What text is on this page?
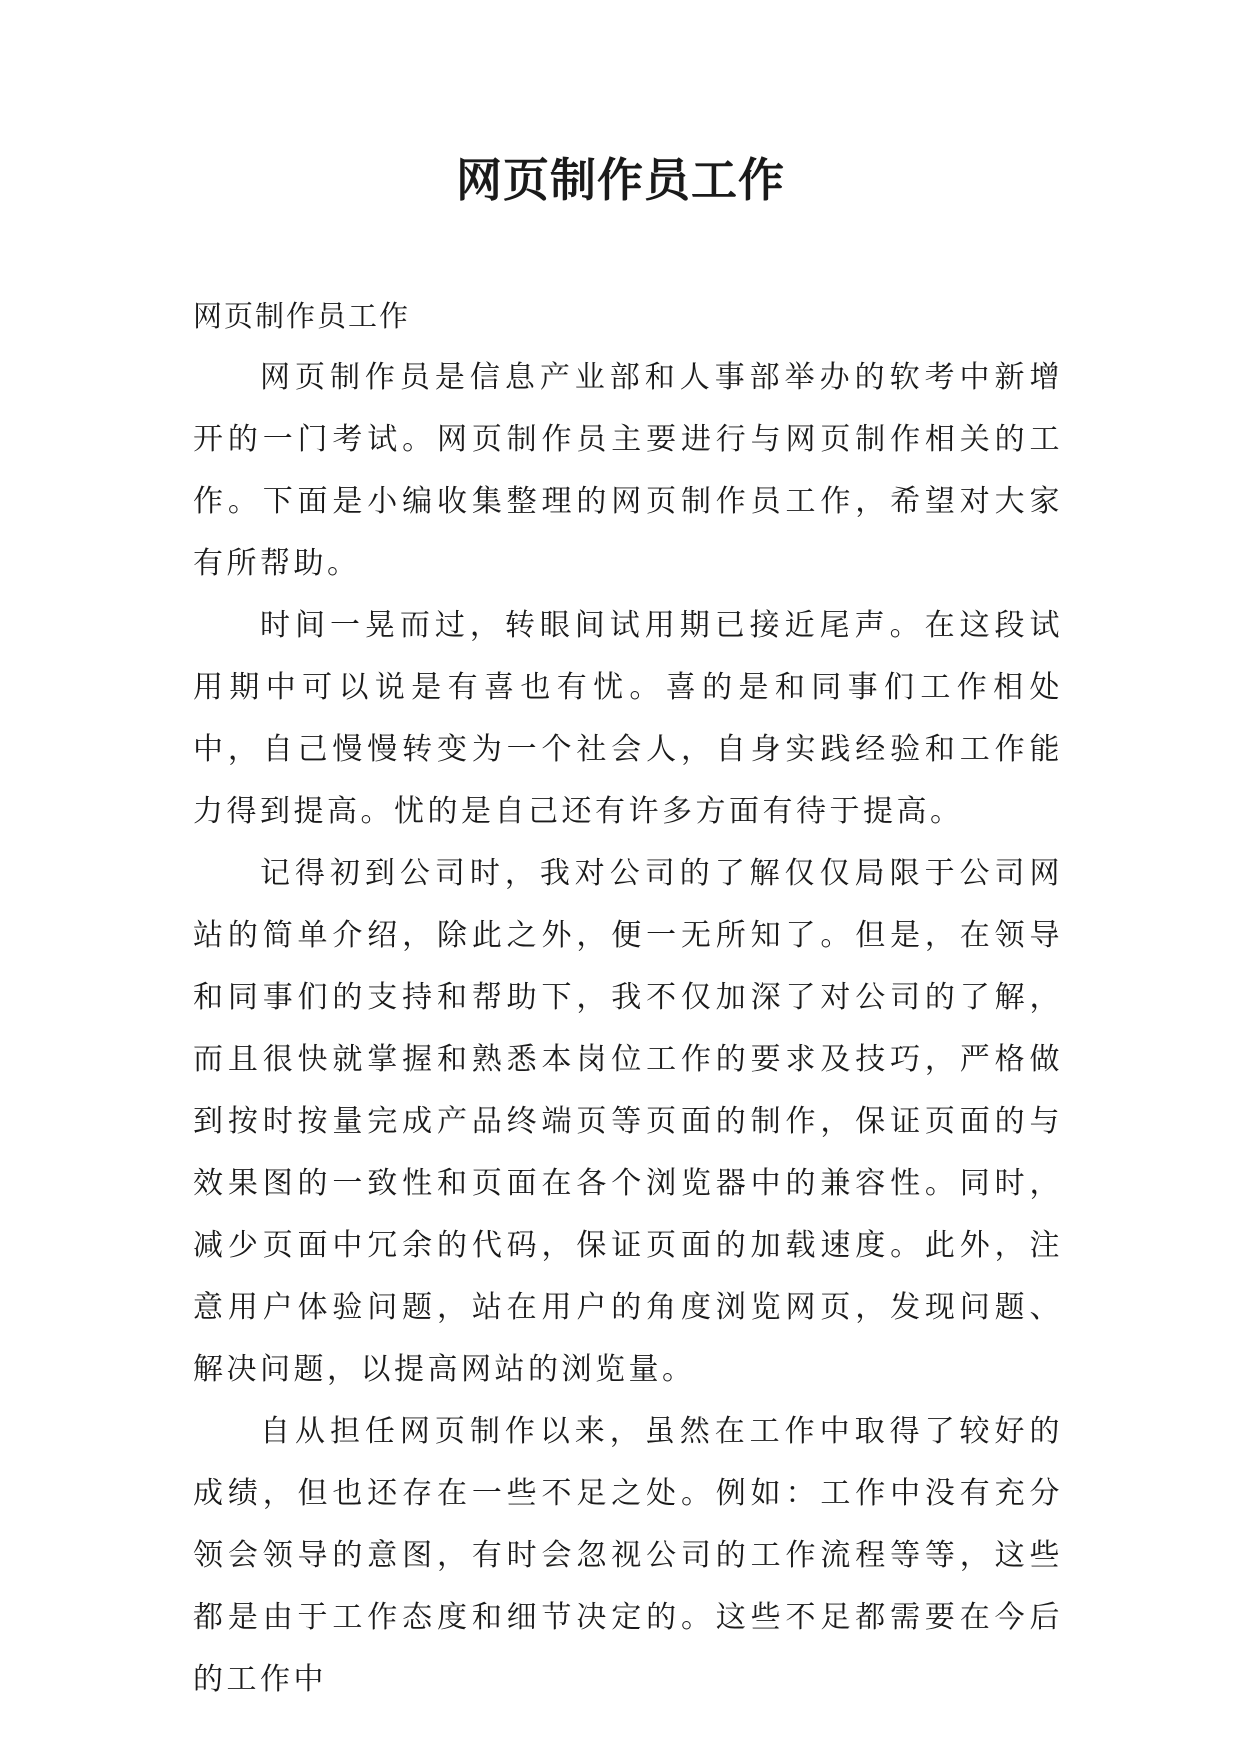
网页制作员工作

网页制作员工作

网页制作员是信息产业部和人事部举办的软考中新增开的一门考试。网页制作员主要进行与网页制作相关的工作。下面是小编收集整理的网页制作员工作，希望对大家有所帮助。

时间一晃而过，转眼间试用期已接近尾声。在这段试用期中可以说是有喜也有忧。喜的是和同事们工作相处中，自己慢慢转变为一个社会人，自身实践经验和工作能力得到提高。忧的是自己还有许多方面有待于提高。

记得初到公司时，我对公司的了解仅仅局限于公司网站的简单介绍，除此之外，便一无所知了。但是，在领导和同事们的支持和帮助下，我不仅加深了对公司的了解，而且很快就掌握和熟悉本岗位工作的要求及技巧，严格做到按时按量完成产品终端页等页面的制作，保证页面的与效果图的一致性和页面在各个浏览器中的兼容性。同时，减少页面中冗余的代码，保证页面的加载速度。此外，注意用户体验问题，站在用户的角度浏览网页，发现问题、解决问题，以提高网站的浏览量。

自从担任网页制作以来，虽然在工作中取得了较好的成绩，但也还存在一些不足之处。例如：工作中没有充分领会领导的意图，有时会忽视公司的工作流程等等，这些都是由于工作态度和细节决定的。这些不足都需要在今后的工作中
